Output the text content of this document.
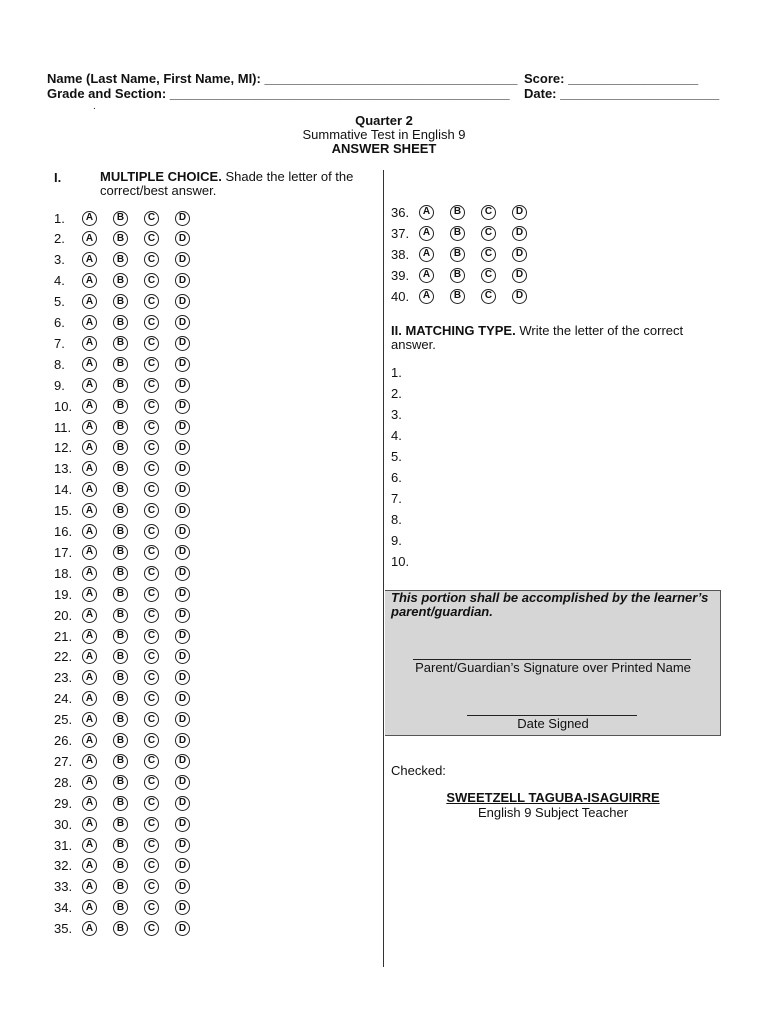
Name (Last Name, First Name, MI): ___________________________________ Score: __________________
Grade and Section: _______________________________________________ Date: ______________________
.
Quarter 2
Summative Test in English 9
ANSWER SHEET
I.	MULTIPLE CHOICE. Shade the letter of the correct/best answer.
1.	A	B	C	D
2.	A	B	C	D
3.	A	B	C	D
4.	A	B	C	D
5.	A	B	C	D
6.	A	B	C	D
7.	A	B	C	D
8.	A	B	C	D
9.	A	B	C	D
10.	A	B	C	D
11.	A	B	C	D
12.	A	B	C	D
13.	A	B	C	D
14.	A	B	C	D
15.	A	B	C	D
16.	A	B	C	D
17.	A	B	C	D
18.	A	B	C	D
19.	A	B	C	D
20.	A	B	C	D
21.	A	B	C	D
22.	A	B	C	D
23.	A	B	C	D
24.	A	B	C	D
25.	A	B	C	D
26.	A	B	C	D
27.	A	B	C	D
28.	A	B	C	D
29.	A	B	C	D
30.	A	B	C	D
31.	A	B	C	D
32.	A	B	C	D
33.	A	B	C	D
34.	A	B	C	D
35.	A	B	C	D
36.	A	B	C	D
37.	A	B	C	D
38.	A	B	C	D
39.	A	B	C	D
40.	A	B	C	D
II. MATCHING TYPE. Write the letter of the correct answer.
1.
2.
3.
4.
5.
6.
7.
8.
9.
10.
This portion shall be accomplished by the learner’s parent/guardian.
Parent/Guardian’s Signature over Printed Name
Date Signed
Checked:
SWEETZELL TAGUBA-ISAGUIRRE
English 9 Subject Teacher
